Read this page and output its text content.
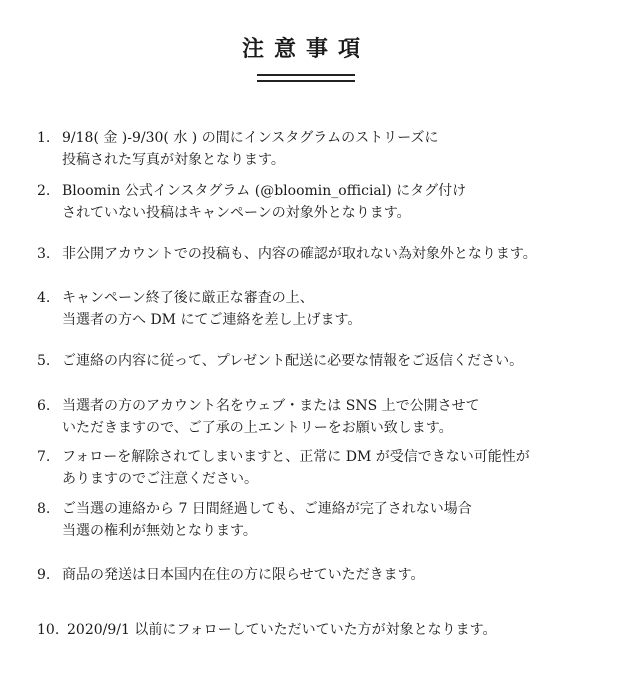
注意事項
1. 9/18( 金 )-9/30( 水 ) の間にインスタグラムのストリーズに
投稿された写真が対象となります。
2. Bloomin 公式インスタグラム (@bloomin_official) にタグ付け
されていない投稿はキャンペーンの対象外となります。
3. 非公開アカウントでの投稿も、内容の確認が取れない為対象外となります。
4. キャンペーン終了後に厳正な審査の上、
当選者の方へ DM にてご連絡を差し上げます。
5. ご連絡の内容に従って、プレゼント配送に必要な情報をご返信ください。
6. 当選者の方のアカウント名をウェブ・または SNS 上で公開させて
いただきますので、ご了承の上エントリーをお願い致します。
7. フォローを解除されてしまいますと、正常に DM が受信できない可能性が
ありますのでご注意ください。
8. ご当選の連絡から 7 日間経過しても、ご連絡が完了されない場合
当選の権利が無効となります。
9. 商品の発送は日本国内在住の方に限らせていただきます。
10. 2020/9/1 以前にフォローしていただいていた方が対象となります。
